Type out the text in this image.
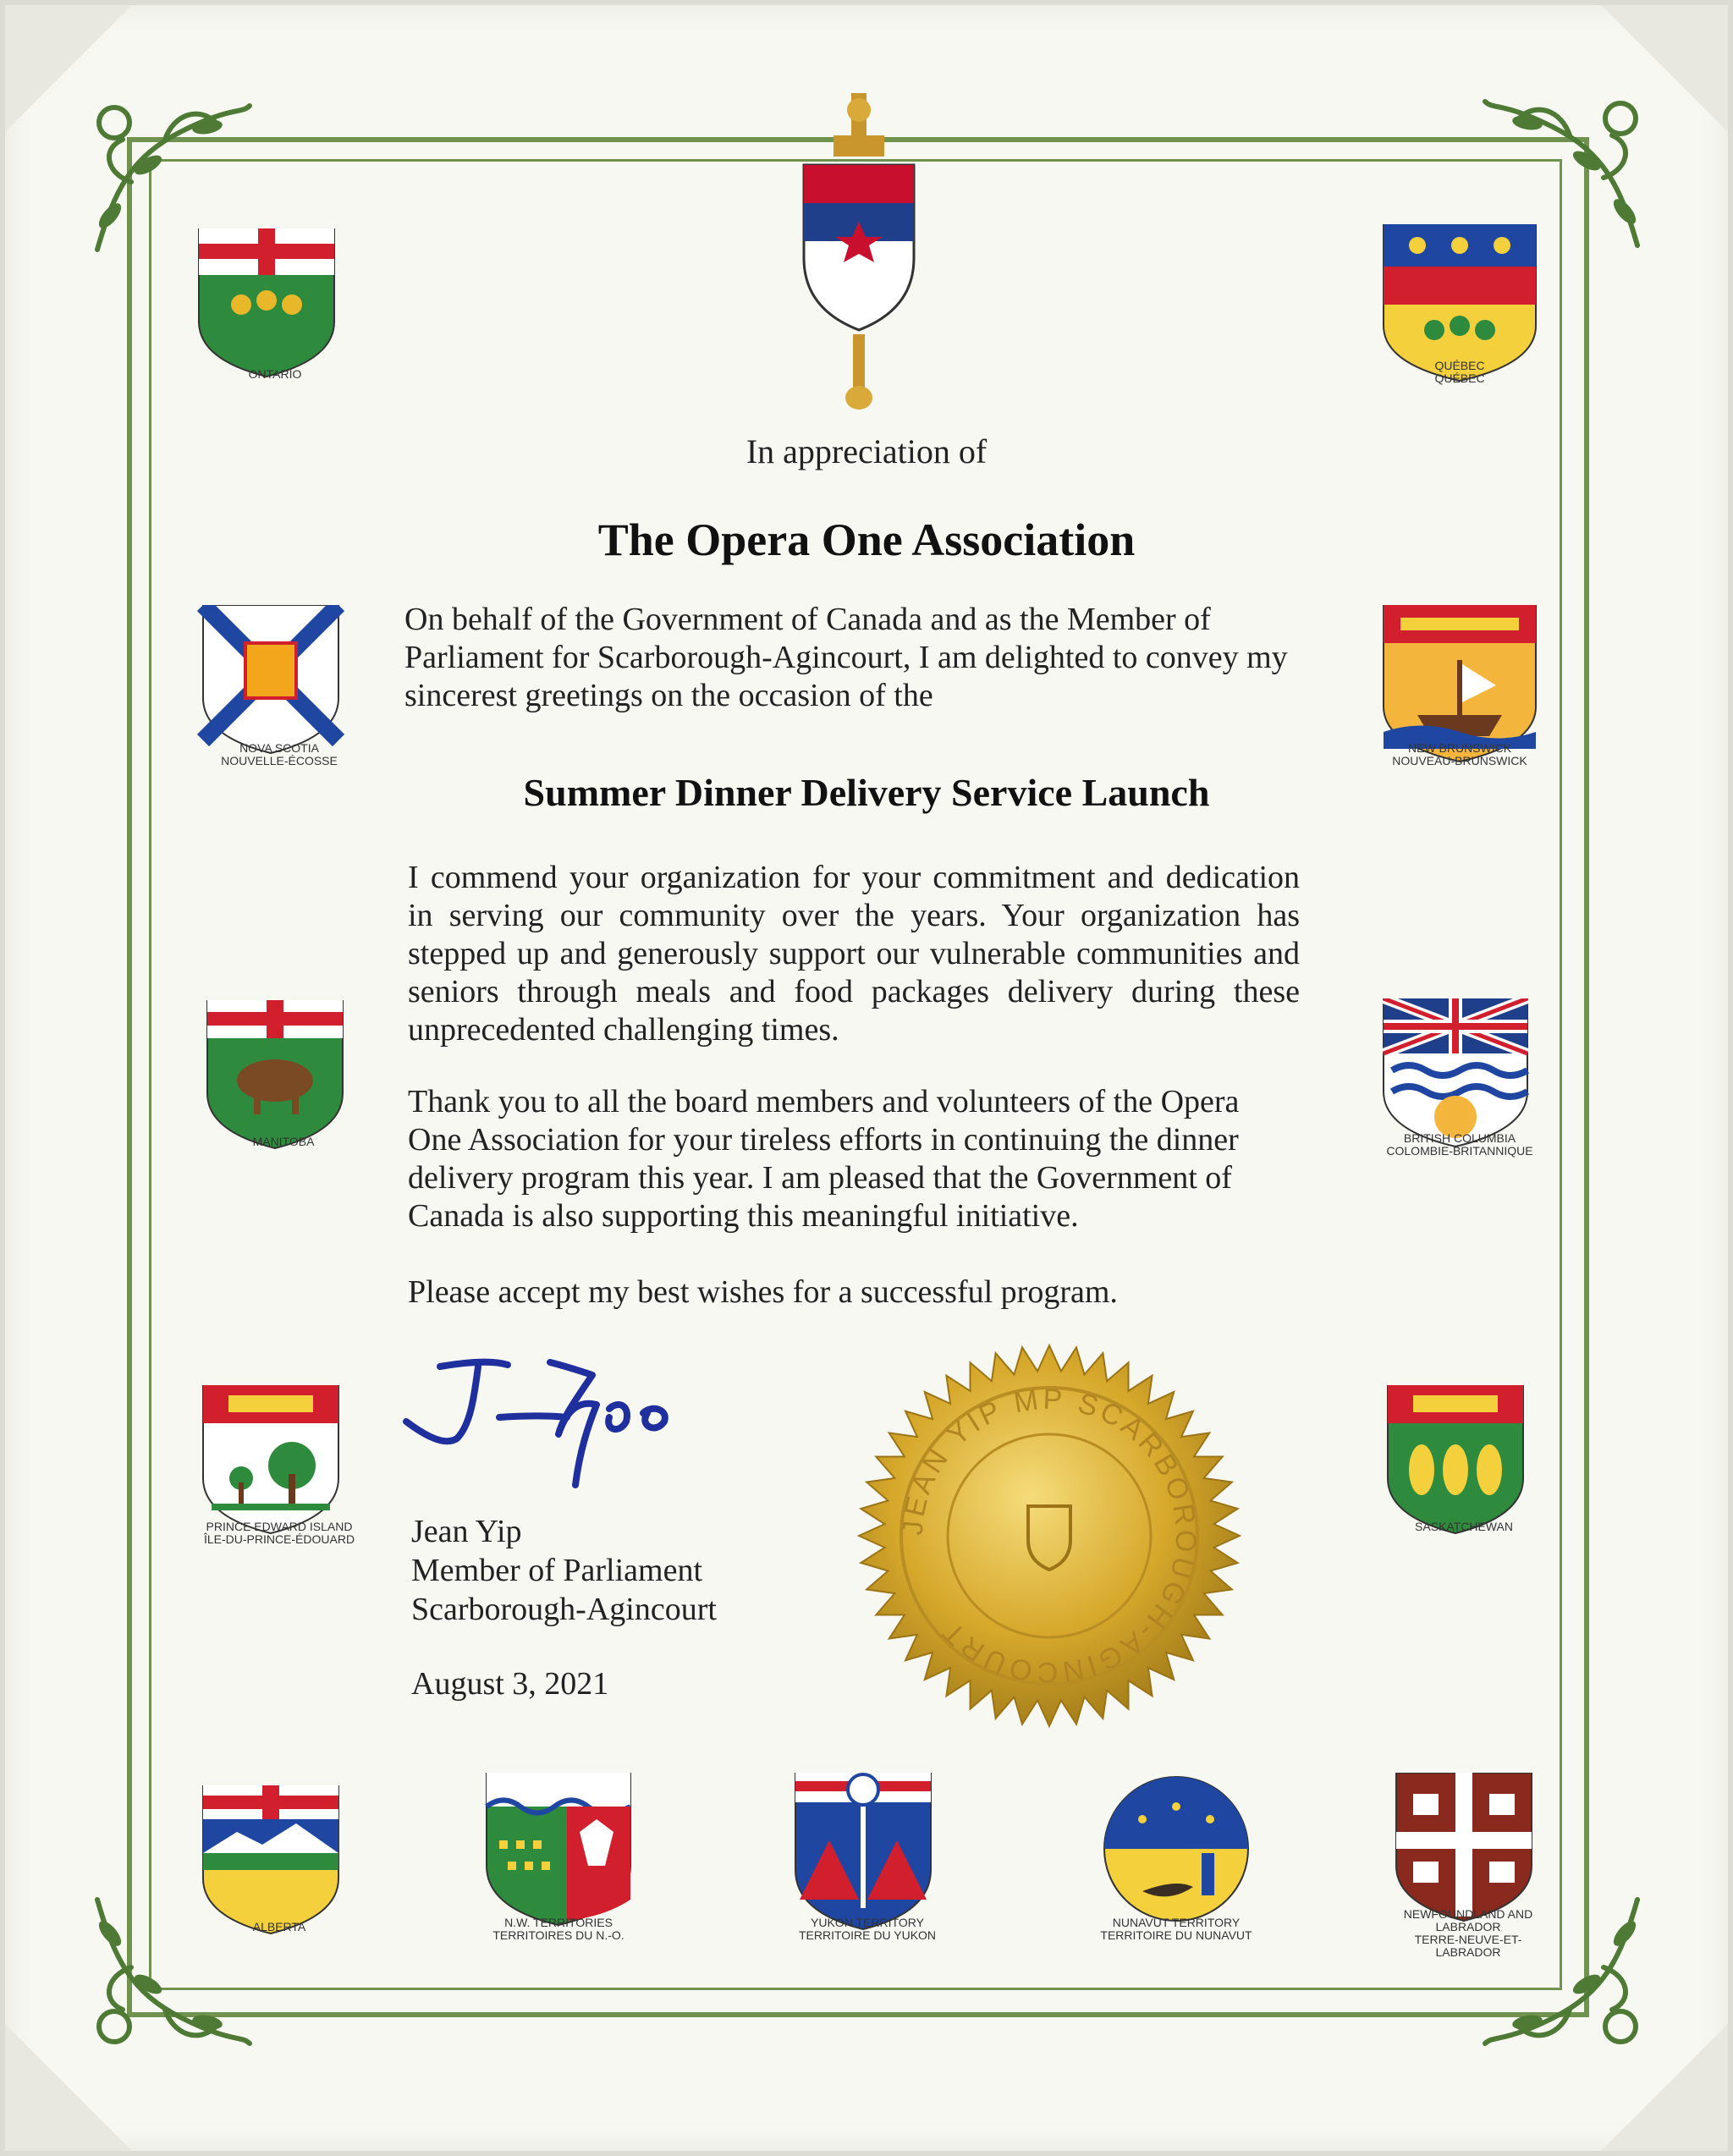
ONTARIO
QUÉBEC
QUÉBEC
NOVA SCOTIA
NOUVELLE-ÉCOSSE
NEW BRUNSWICK
NOUVEAU-BRUNSWICK
MANITOBA	BRITISH COLUMBIA
COLOMBIE-BRITANNIQUE
PRINCE EDWARD ISLAND
ÎLE-DU-PRINCE-ÉDOUARD
SASKATCHEWAN
ALBERTA	N.W. TERRITORIES
TERRITOIRES DU N.-O.
YUKON TERRITORY
TERRITOIRE DU YUKON
NUNAVUT TERRITORY
TERRITOIRE DU NUNAVUT
NEWFOUNDLAND AND LABRADOR
TERRE-NEUVE-ET-LABRADOR
In appreciation of
The Opera One Association
On behalf of the Government of Canada and as the Member of Parliament for Scarborough-Agincourt, I am delighted to convey my sincerest greetings on the occasion of the
Summer Dinner Delivery Service Launch
I commend your organization for your commitment and dedication in serving our community over the years. Your organization has stepped up and generously support our vulnerable communities and seniors through meals and food packages delivery during these unprecedented challenging times.
Thank you to all the board members and volunteers of the Opera One Association for your tireless efforts in continuing the dinner delivery program this year. I am pleased that the Government of Canada is also supporting this meaningful initiative.
Please accept my best wishes for a successful program.
Jean Yip
Member of Parliament
Scarborough-Agincourt
August 3, 2021
JEAN YIP MP SCARBOROUGH-AGINCOURT
